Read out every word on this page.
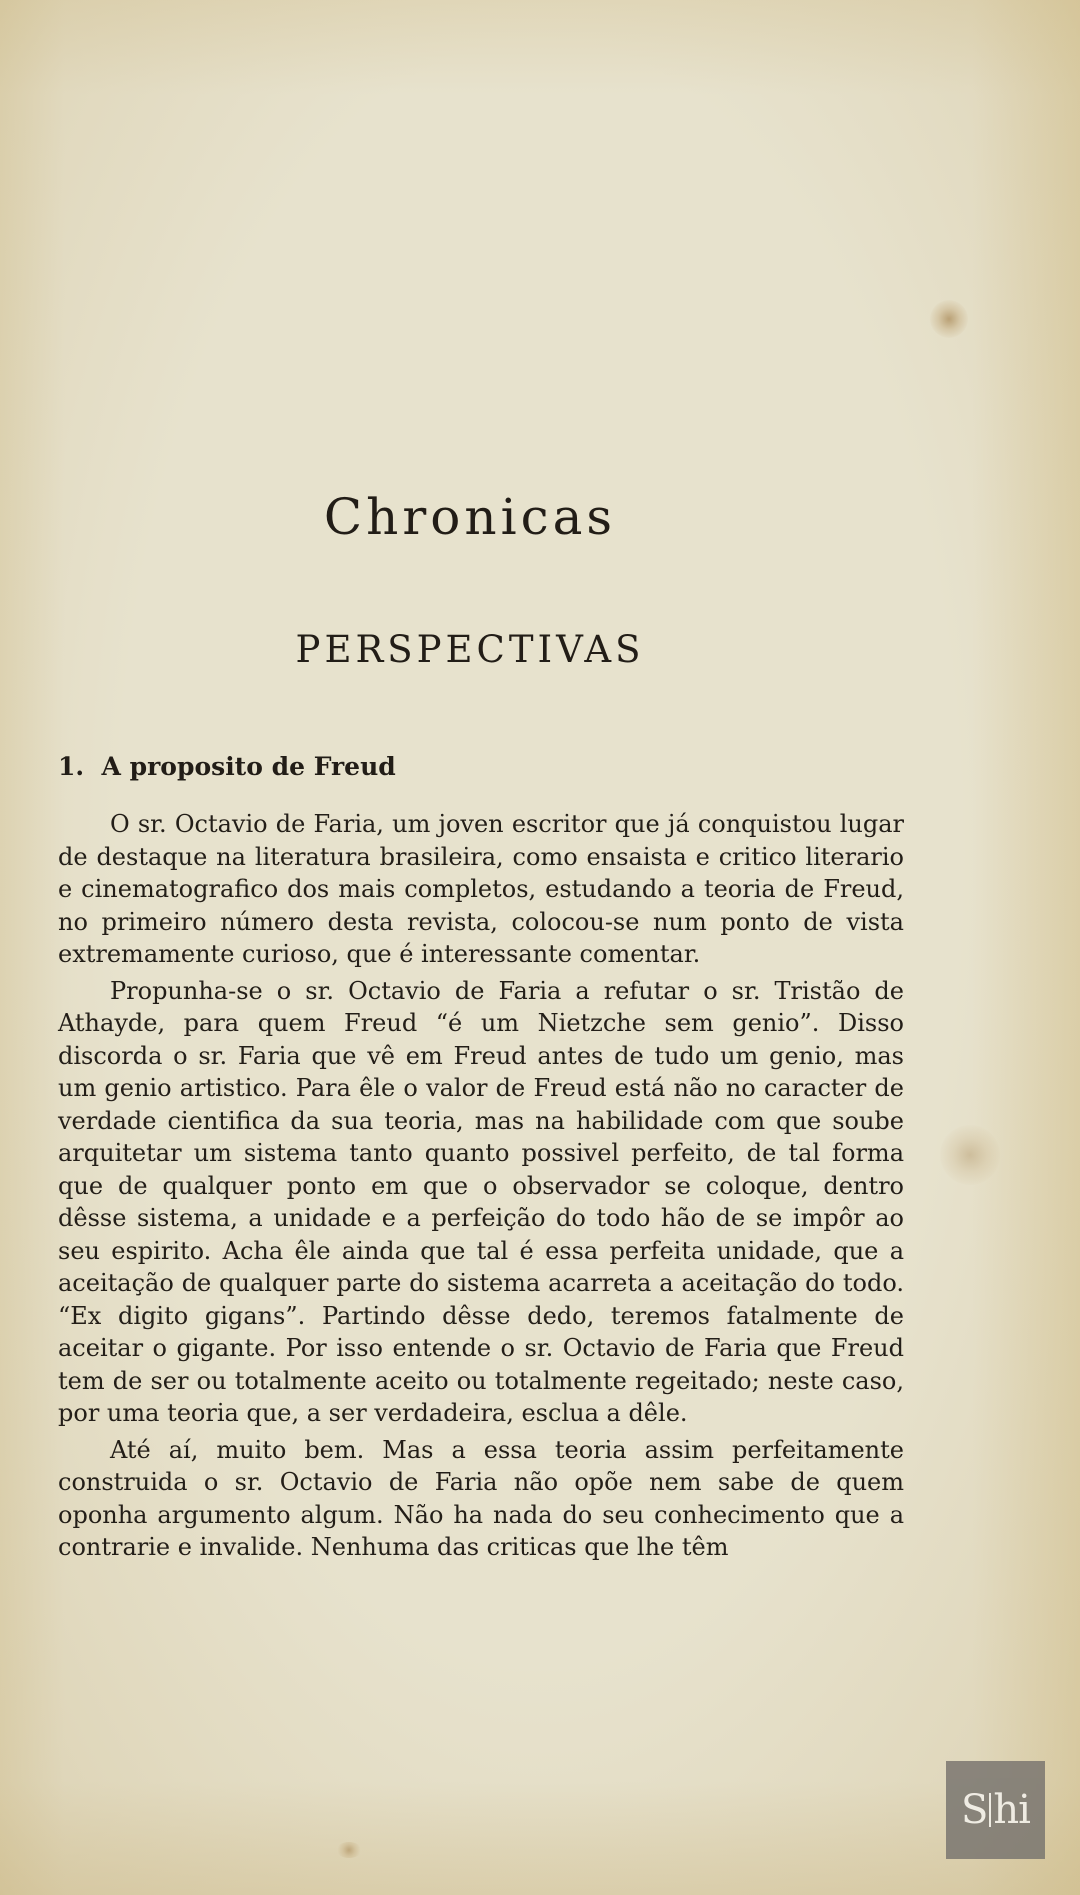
Chronicas
PERSPECTIVAS
1. A proposito de Freud

O sr. Octavio de Faria, um joven escritor que já conquistou lugar de destaque na literatura brasileira, como ensaista e critico literario e cinematografico dos mais completos, estudando a teoria de Freud, no primeiro número desta revista, colocou-se num ponto de vista extremamente curioso, que é interessante comentar.

Propunha-se o sr. Octavio de Faria a refutar o sr. Tristão de Athayde, para quem Freud “é um Nietzche sem genio”. Disso discorda o sr. Faria que vê em Freud antes de tudo um genio, mas um genio artistico. Para êle o valor de Freud está não no caracter de verdade cientifica da sua teoria, mas na habilidade com que soube arquitetar um sistema tanto quanto possivel perfeito, de tal forma que de qualquer ponto em que o observador se coloque, dentro dêsse sistema, a unidade e a perfeição do todo hão de se impôr ao seu espirito. Acha êle ainda que tal é essa perfeita unidade, que a aceitação de qualquer parte do sistema acarreta a aceitação do todo. “Ex digito gigans”. Partindo dêsse dedo, teremos fatalmente de aceitar o gigante. Por isso entende o sr. Octavio de Faria que Freud tem de ser ou totalmente aceito ou totalmente regeitado; neste caso, por uma teoria que, a ser verdadeira, esclua a dêle.

Até aí, muito bem. Mas a essa teoria assim perfeitamente construida o sr. Octavio de Faria não opõe nem sabe de quem oponha argumento algum. Não ha nada do seu conhecimento que a contrarie e invalide. Nenhuma das criticas que lhe têm

S hi
